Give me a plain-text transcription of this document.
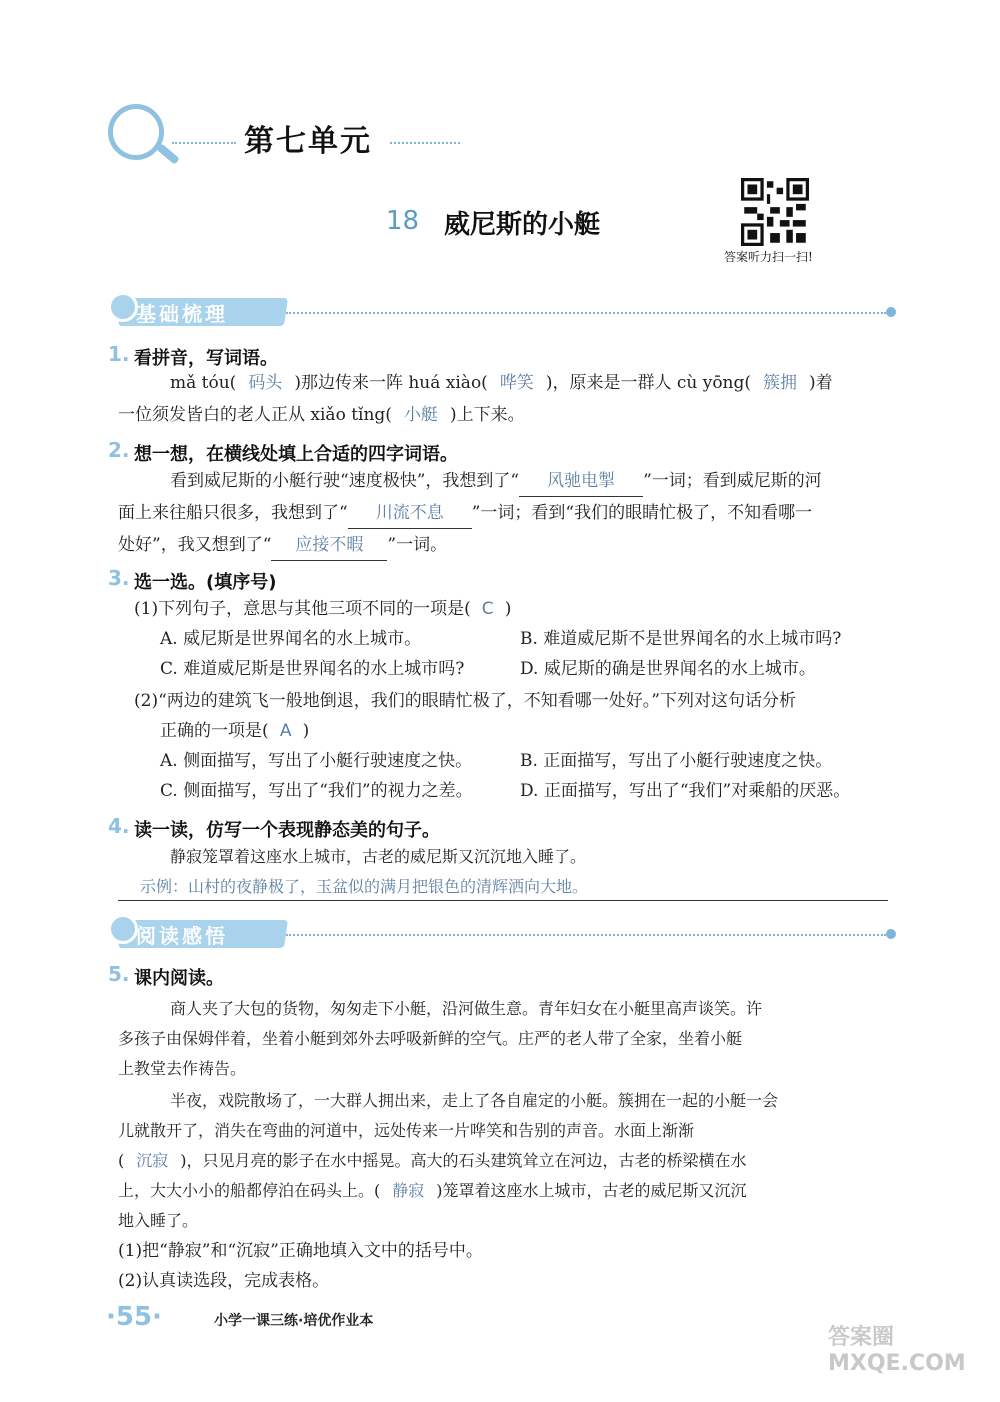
第七单元
18 威尼斯的小艇
答案听力扫一扫!
基础梳理
1. 看拼音，写词语。
mǎ tóu( 码头 )那边传来一阵 huá xiào( 哗笑 )，原来是一群人 cù yōng( 簇拥 )着
一位须发皆白的老人正从 xiǎo tǐng( 小艇 )上下来。
2. 想一想，在横线处填上合适的四字词语。
看到威尼斯的小艇行驶“速度极快”，我想到了“ 风驰电掣 ”一词；看到威尼斯的河
面上来往船只很多，我想到了“ 川流不息 ”一词；看到“我们的眼睛忙极了，不知看哪一
处好”，我又想到了“ 应接不暇 ”一词。
3. 选一选。(填序号)
(1)下列句子，意思与其他三项不同的一项是( C )
A. 威尼斯是世界闻名的水上城市。	B. 难道威尼斯不是世界闻名的水上城市吗?
C. 难道威尼斯是世界闻名的水上城市吗?	D. 威尼斯的确是世界闻名的水上城市。
(2)“两边的建筑飞一般地倒退，我们的眼睛忙极了，不知看哪一处好。”下列对这句话分析
正确的一项是( A )
A. 侧面描写，写出了小艇行驶速度之快。	B. 正面描写，写出了小艇行驶速度之快。
C. 侧面描写，写出了“我们”的视力之差。	D. 正面描写，写出了“我们”对乘船的厌恶。
4. 读一读，仿写一个表现静态美的句子。
静寂笼罩着这座水上城市，古老的威尼斯又沉沉地入睡了。
示例：山村的夜静极了，玉盆似的满月把银色的清辉洒向大地。
阅读感悟
5. 课内阅读。
商人夹了大包的货物，匆匆走下小艇，沿河做生意。青年妇女在小艇里高声谈笑。许
多孩子由保姆伴着，坐着小艇到郊外去呼吸新鲜的空气。庄严的老人带了全家，坐着小艇
上教堂去作祷告。
半夜，戏院散场了，一大群人拥出来，走上了各自雇定的小艇。簇拥在一起的小艇一会
儿就散开了，消失在弯曲的河道中，远处传来一片哗笑和告别的声音。水面上渐渐
( 沉寂 )，只见月亮的影子在水中摇晃。高大的石头建筑耸立在河边，古老的桥梁横在水
上，大大小小的船都停泊在码头上。( 静寂 )笼罩着这座水上城市，古老的威尼斯又沉沉
地入睡了。
(1)把“静寂”和“沉寂”正确地填入文中的括号中。
(2)认真读选段，完成表格。
·55·	小学一课三练·培优作业本
答案圈 MXQE.COM
